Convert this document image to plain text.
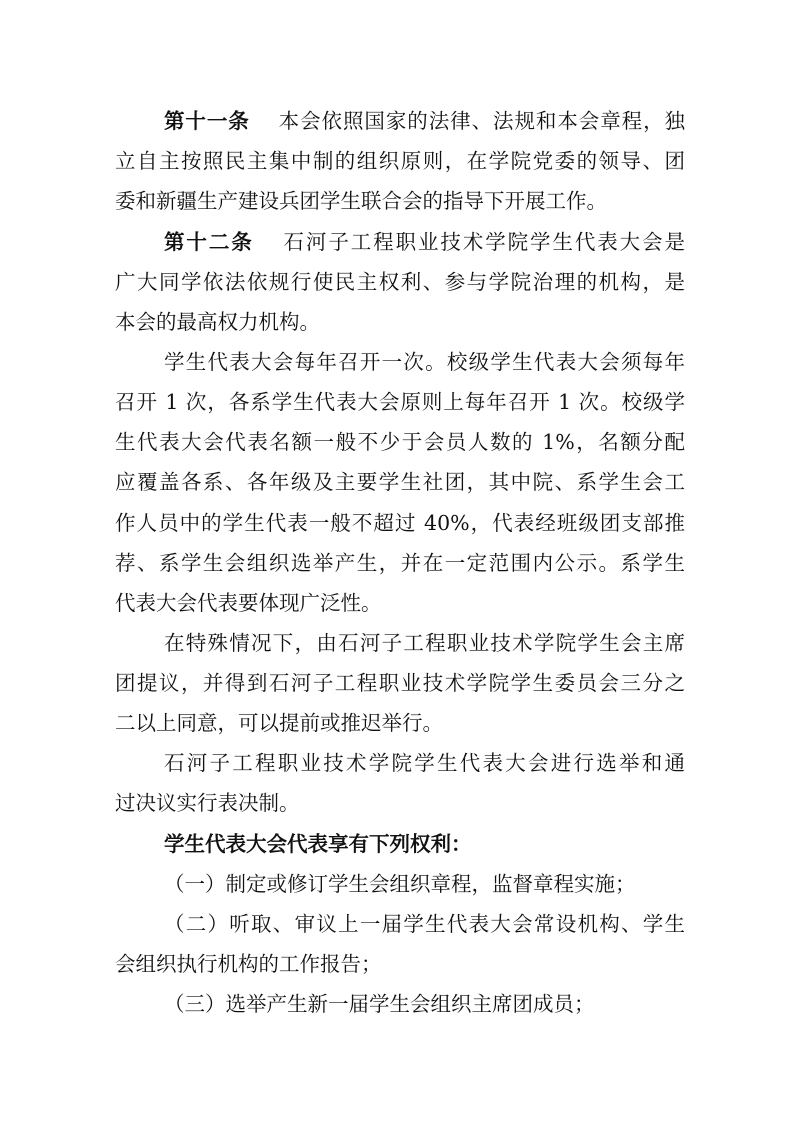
第十一条 本会依照国家的法律、法规和本会章程，独
立自主按照民主集中制的组织原则，在学院党委的领导、团
委和新疆生产建设兵团学生联合会的指导下开展工作。
第十二条 石河子工程职业技术学院学生代表大会是
广大同学依法依规行使民主权利、参与学院治理的机构，是
本会的最高权力机构。
学生代表大会每年召开一次。校级学生代表大会须每年
召开 1 次，各系学生代表大会原则上每年召开 1 次。校级学
生代表大会代表名额一般不少于会员人数的 1%，名额分配
应覆盖各系、各年级及主要学生社团，其中院、系学生会工
作人员中的学生代表一般不超过 40%，代表经班级团支部推
荐、系学生会组织选举产生，并在一定范围内公示。系学生
代表大会代表要体现广泛性。
在特殊情况下，由石河子工程职业技术学院学生会主席
团提议，并得到石河子工程职业技术学院学生委员会三分之
二以上同意，可以提前或推迟举行。
石河子工程职业技术学院学生代表大会进行选举和通
过决议实行表决制。
学生代表大会代表享有下列权利：
（一）制定或修订学生会组织章程，监督章程实施；
（二）听取、审议上一届学生代表大会常设机构、学生
会组织执行机构的工作报告；
（三）选举产生新一届学生会组织主席团成员；
